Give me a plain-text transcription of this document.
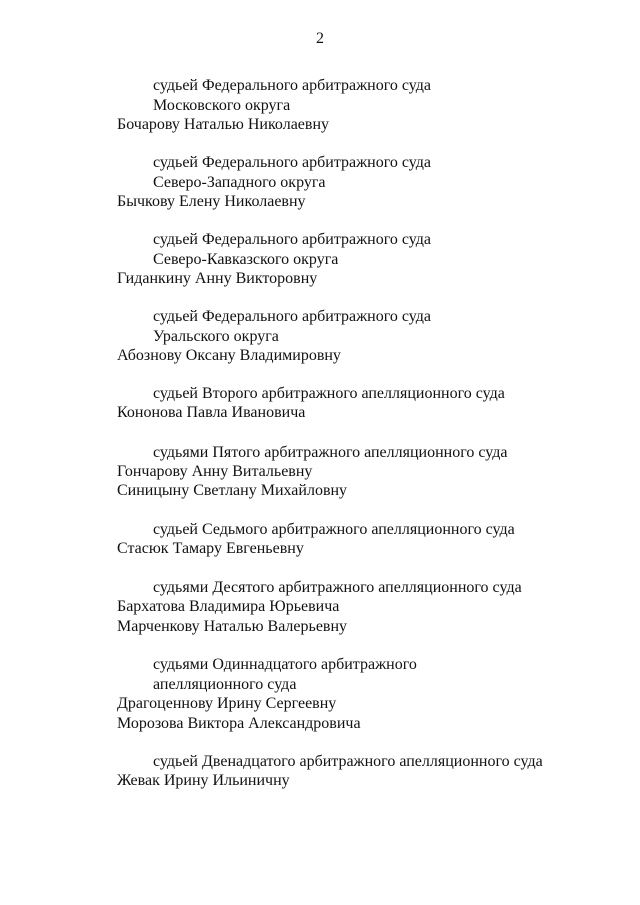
2
судьей Федерального арбитражного суда
Московского округа
Бочарову Наталью Николаевну
судьей Федерального арбитражного суда
Северо-Западного округа
Бычкову Елену Николаевну
судьей Федерального арбитражного суда
Северо-Кавказского округа
Гиданкину Анну Викторовну
судьей Федерального арбитражного суда
Уральского округа
Абознову Оксану Владимировну
судьей Второго арбитражного апелляционного суда
Кононова Павла Ивановича
судьями Пятого арбитражного апелляционного суда
Гончарову Анну Витальевну
Синицыну Светлану Михайловну
судьей Седьмого арбитражного апелляционного суда
Стасюк Тамару Евгеньевну
судьями Десятого арбитражного апелляционного суда
Бархатова Владимира Юрьевича
Марченкову Наталью Валерьевну
судьями Одиннадцатого арбитражного
апелляционного суда
Драгоценнову Ирину Сергеевну
Морозова Виктора Александровича
судьей Двенадцатого арбитражного апелляционного суда
Жевак Ирину Ильиничну
